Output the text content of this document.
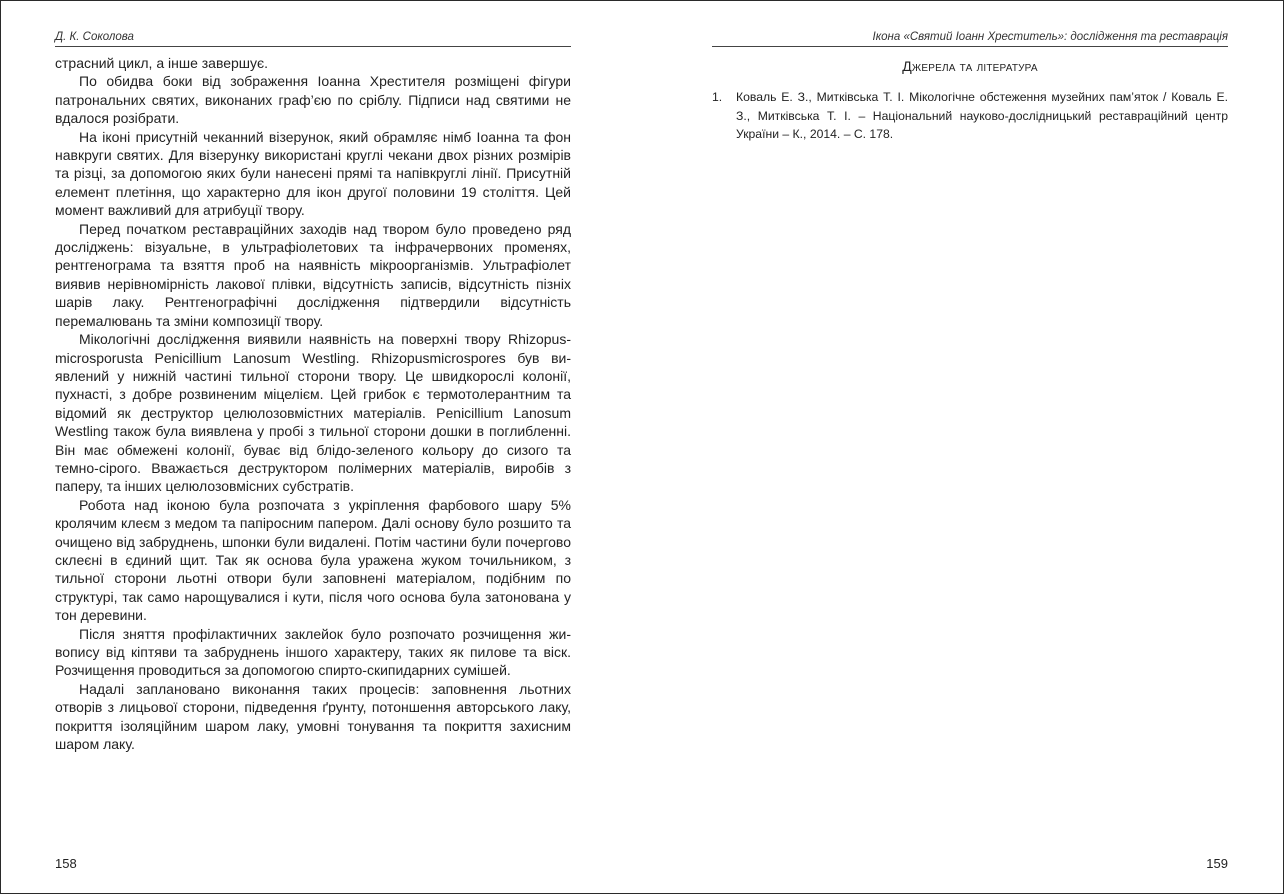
Д. К. Соколова

страсний цикл, а інше завершує.

По обидва боки від зображення Іоанна Хрестителя розміщені фігури патрональних святих, виконаних граф’єю по сріблу. Підписи над святими не вдалося розібрати.

На іконі присутній чеканний візерунок, який обрамляє німб Іоанна та фон навкруги святих. Для візерунку використані круглі чекани двох різних розмірів та різці, за допомогою яких були нанесені прямі та напівкруглі лінії. Присутній елемент плетіння, що характерно для ікон другої половини 19 століття. Цей момент важливий для атрибуції твору.

Перед початком реставраційних заходів над твором було проведено ряд досліджень: візуальне, в ультрафіолетових та інфрачервоних променях, рентгенограма та взяття проб на наявність мікроорганізмів. Ультрафіолет виявив нерівномірність лакової плівки, відсутність записів, відсутність пізніх шарів лаку. Рентгенографічні дослідження підтвердили відсутність перемалювань та зміни композиції твору.

Мікологічні дослідження виявили наявність на поверхні твору Rhizopusmicrosporusta Penicillium Lanosum Westling. Rhizopusmicrospores був виявлений у нижній частині тильної сторони твору. Це швидкорослі колонії, пухнасті, з добре розвиненим міцелієм. Цей грибок є термотолерантним та відомий як деструктор целюлозовмістних матеріалів. Penicillium Lanosum Westling також була виявлена у пробі з тильної сторони дошки в поглибленні. Він має обмежені колонії, буває від блідо-зеленого кольору до сизого та темно-сірого. Вважається деструктором полімерних матеріалів, виробів з паперу, та інших целюлозовмісних субстратів.

Робота над іконою була розпочата з укріплення фарбового шару 5% кролячим клеєм з медом та папіросним папером. Далі основу було розшито та очищено від забруднень, шпонки були видалені. Потім частини були почергово склеєні в єдиний щит. Так як основа була уражена жуком точильником, з тильної сторони льотні отвори були заповнені матеріалом, подібним по структурі, так само нарощувалися і кути, після чого основа була затонована у тон деревини.

Після зняття профілактичних заклейок було розпочато розчищення живопису від кіптяви та забруднень іншого характеру, таких як пилове та віск. Розчищення проводиться за допомогою спирто-скипидарних сумішей.

Надалі заплановано виконання таких процесів: заповнення льотних отворів з лицьової сторони, підведення ґрунту, потоншення авторського лаку, покриття ізоляційним шаром лаку, умовні тонування та покриття захисним шаром лаку.

158
Ікона «Святий Іоанн Хреститель»: дослідження та реставрація
Джерела та література
1. Коваль Е. З., Митківська Т. І. Мікологічне обстеження музейних пам’яток / Коваль Е. З., Митківська Т. І. – Національний науково-дослідницький реставраційний центр України – К., 2014. – С. 178.
159
